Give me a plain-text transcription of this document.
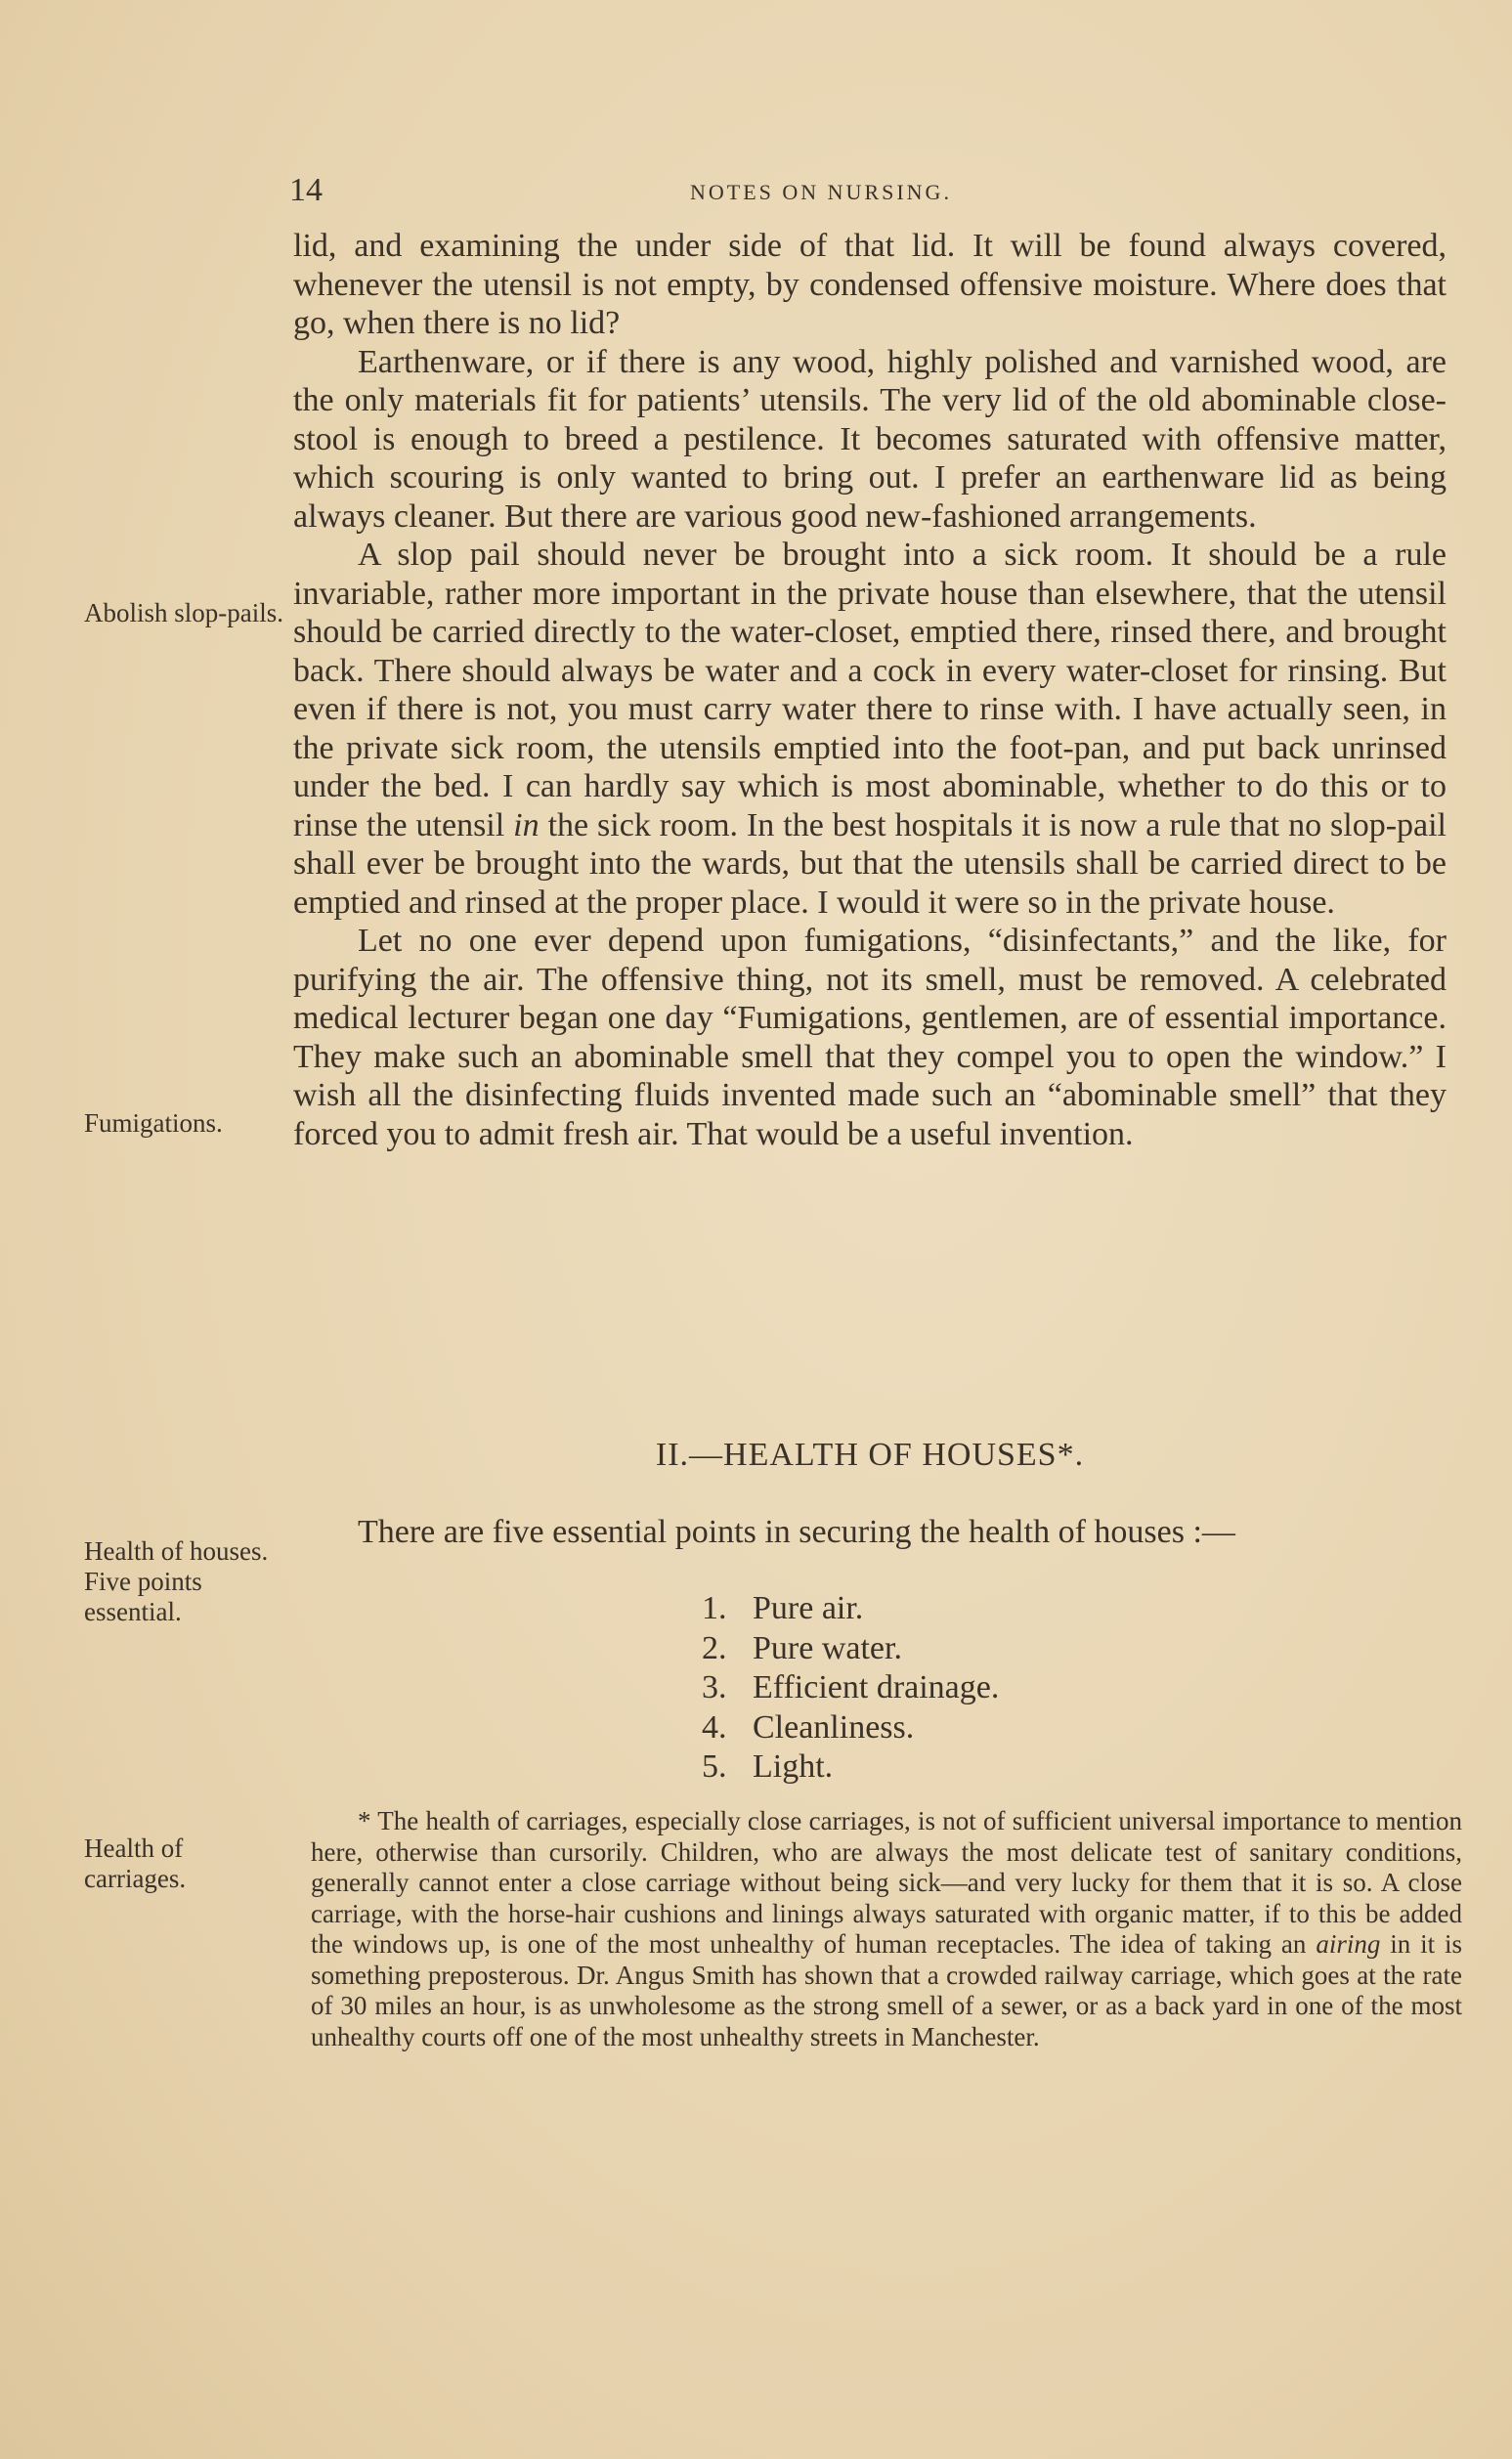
14	NOTES ON NURSING.

lid, and examining the under side of that lid. It will be found always covered, whenever the utensil is not empty, by condensed offensive moisture. Where does that go, when there is no lid?

Earthenware, or if there is any wood, highly polished and varnished wood, are the only materials fit for patients’ utensils. The very lid of the old abominable close-stool is enough to breed a pestilence. It becomes saturated with offensive matter, which scouring is only wanted to bring out. I prefer an earthenware lid as being always cleaner. But there are various good new-fashioned arrangements.

A slop pail should never be brought into a sick room. It should be a rule invariable, rather more important in the private house than elsewhere, that the utensil should be carried directly to the water-closet, emptied there, rinsed there, and brought back. There should always be water and a cock in every water-closet for rinsing. But even if there is not, you must carry water there to rinse with. I have actually seen, in the private sick room, the utensils emptied into the foot-pan, and put back unrinsed under the bed. I can hardly say which is most abominable, whether to do this or to rinse the utensil in the sick room. In the best hospitals it is now a rule that no slop-pail shall ever be brought into the wards, but that the utensils shall be carried direct to be emptied and rinsed at the proper place. I would it were so in the private house.

Let no one ever depend upon fumigations, “disinfectants,” and the like, for purifying the air. The offensive thing, not its smell, must be removed. A celebrated medical lecturer began one day “Fumigations, gentlemen, are of essential importance. They make such an abominable smell that they compel you to open the window.” I wish all the disinfecting fluids invented made such an “abominable smell” that they forced you to admit fresh air. That would be a useful invention.

Abolish slop-pails.
Fumigations.
II.—HEALTH OF HOUSES*.

There are five essential points in securing the health of houses :—

Health of houses. Five points essential.	1. Pure air.
2. Pure water.
3. Efficient drainage.
4. Cleanliness.
5. Light.
Health of carriages.
* The health of carriages, especially close carriages, is not of sufficient universal importance to mention here, otherwise than cursorily. Children, who are always the most delicate test of sanitary conditions, generally cannot enter a close carriage without being sick—and very lucky for them that it is so. A close carriage, with the horse-hair cushions and linings always saturated with organic matter, if to this be added the windows up, is one of the most unhealthy of human receptacles. The idea of taking an airing in it is something preposterous. Dr. Angus Smith has shown that a crowded railway carriage, which goes at the rate of 30 miles an hour, is as unwholesome as the strong smell of a sewer, or as a back yard in one of the most unhealthy courts off one of the most unhealthy streets in Manchester.
